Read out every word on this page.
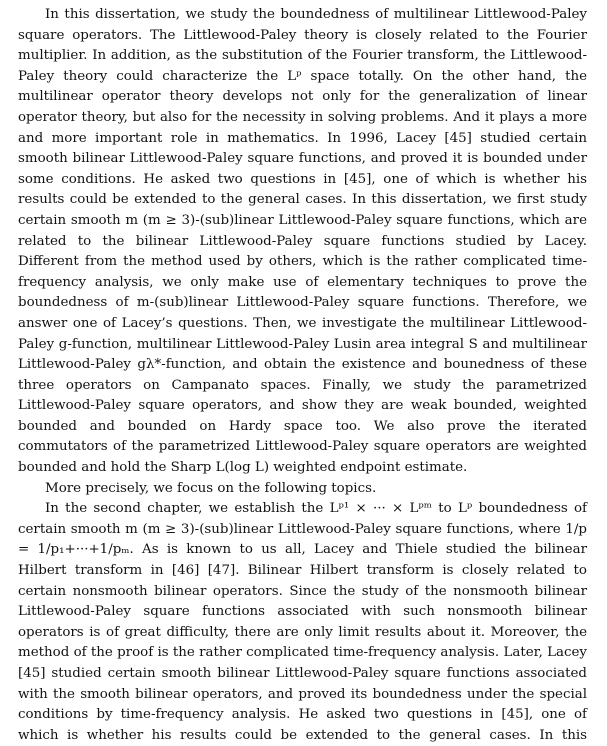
In this dissertation, we study the boundedness of multilinear Littlewood-Paley square operators. The Littlewood-Paley theory is closely related to the Fourier multiplier. In addition, as the substitution of the Fourier transform, the Littlewood-Paley theory could characterize the Lᵖ space totally. On the other hand, the multilinear operator theory develops not only for the generalization of linear operator theory, but also for the necessity in solving problems. And it plays a more and more important role in mathematics. In 1996, Lacey [45] studied certain smooth bilinear Littlewood-Paley square functions, and proved it is bounded under some conditions. He asked two questions in [45], one of which is whether his results could be extended to the general cases. In this dissertation, we first study certain smooth m (m ≥ 3)-(sub)linear Littlewood-Paley square functions, which are related to the bilinear Littlewood-Paley square functions studied by Lacey. Different from the method used by others, which is the rather complicated time-frequency analysis, we only make use of elementary techniques to prove the boundedness of m-(sub)linear Littlewood-Paley square functions. Therefore, we answer one of Lacey’s questions. Then, we investigate the multilinear Littlewood-Paley g-function, multilinear Littlewood-Paley Lusin area integral S and multilinear Littlewood-Paley gλ*-function, and obtain the existence and bounedness of these three operators on Campanato spaces. Finally, we study the parametrized Littlewood-Paley square operators, and show they are weak bounded, weighted bounded and bounded on Hardy space too. We also prove the iterated commutators of the parametrized Littlewood-Paley square operators are weighted bounded and hold the Sharp L(log L) weighted endpoint estimate.

More precisely, we focus on the following topics.

In the second chapter, we establish the Lᵖ¹ × ··· × Lᵖᵐ to Lᵖ boundedness of certain smooth m (m ≥ 3)-(sub)linear Littlewood-Paley square functions, where 1/p = 1/p₁+···+1/pₘ. As is known to us all, Lacey and Thiele studied the bilinear Hilbert transform in [46] [47]. Bilinear Hilbert transform is closely related to certain nonsmooth bilinear operators. Since the study of the nonsmooth bilinear Littlewood-Paley square functions associated with such nonsmooth bilinear operators is of great difficulty, there are only limit results about it. Moreover, the method of the proof is the rather complicated time-frequency analysis. Later, Lacey [45] studied certain smooth bilinear Littlewood-Paley square functions associated with the smooth bilinear operators, and proved its boundedness under the special conditions by time-frequency analysis. He asked two questions in [45], one of which is whether his results could be extended to the general cases. In this
